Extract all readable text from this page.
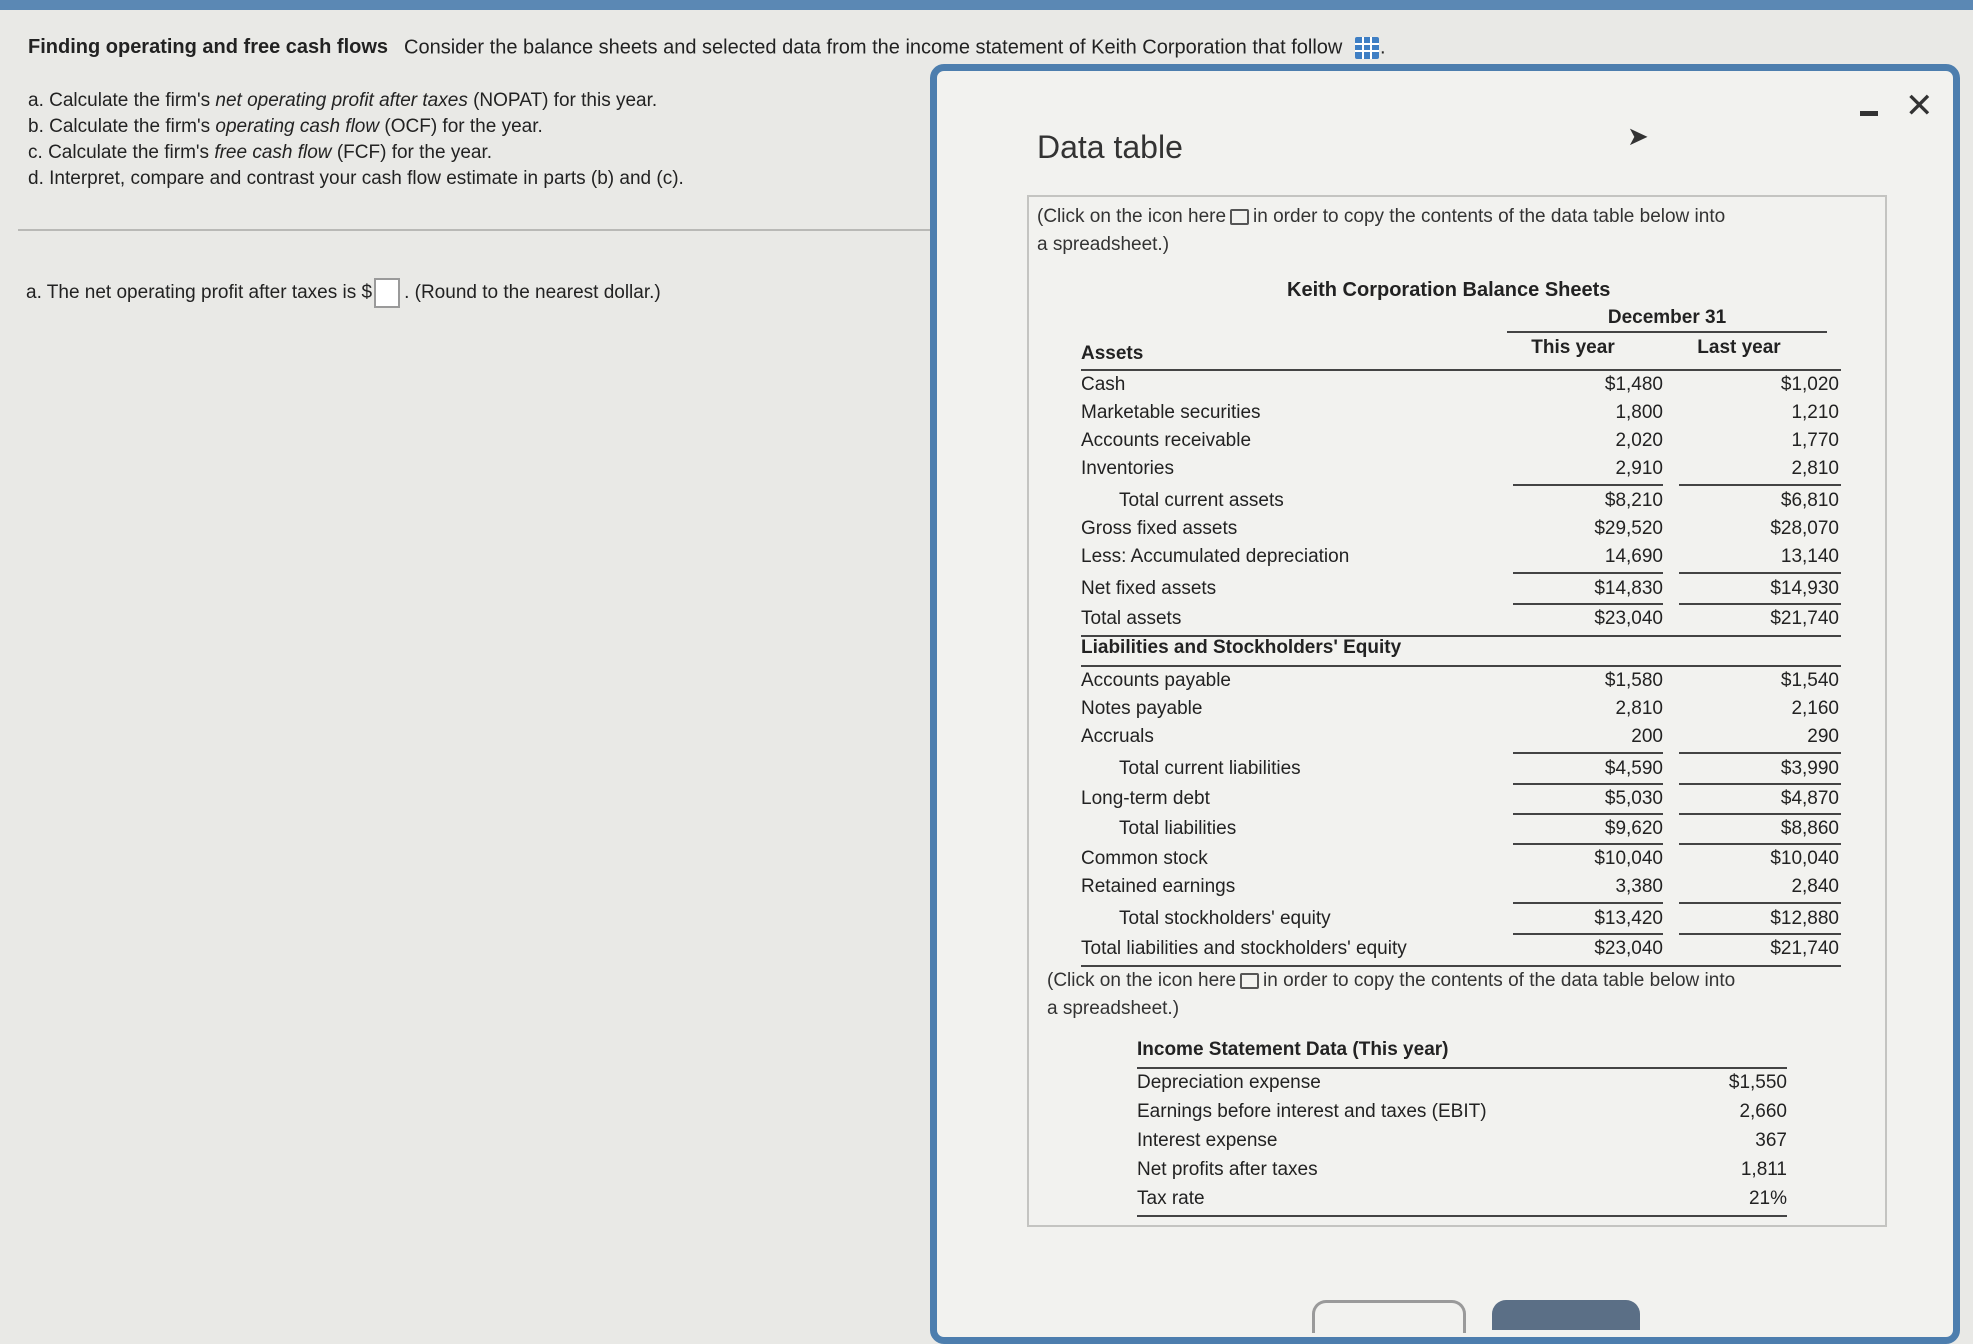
Finding operating and free cash flows Consider the balance sheets and selected data from the income statement of Keith Corporation that follow .
a. Calculate the firm's net operating profit after taxes (NOPAT) for this year.
b. Calculate the firm's operating cash flow (OCF) for the year.
c. Calculate the firm's free cash flow (FCF) for the year.
d. Interpret, compare and contrast your cash flow estimate in parts (b) and (c).
a. The net operating profit after taxes is $ . (Round to the nearest dollar.)
Data table
✕
➤
(Click on the icon here in order to copy the contents of the data table below into
a spreadsheet.)
Keith Corporation Balance Sheets
December 31
This year	Last year
Assets
Cash	$1,480	$1,020
Marketable securities	1,800	1,210
Accounts receivable	2,020	1,770
Inventories	2,910	2,810
Total current assets	$8,210	$6,810
Gross fixed assets	$29,520	$28,070
Less: Accumulated depreciation	14,690	13,140
Net fixed assets	$14,830	$14,930
Total assets	$23,040	$21,740
Liabilities and Stockholders' Equity
Accounts payable	$1,580	$1,540
Notes payable	2,810	2,160
Accruals	200	290
Total current liabilities	$4,590	$3,990
Long-term debt	$5,030	$4,870
Total liabilities	$9,620	$8,860
Common stock	$10,040	$10,040
Retained earnings	3,380	2,840
Total stockholders' equity	$13,420	$12,880
Total liabilities and stockholders' equity	$23,040	$21,740
(Click on the icon here in order to copy the contents of the data table below into
a spreadsheet.)
Income Statement Data (This year)
Depreciation expense	$1,550
Earnings before interest and taxes (EBIT)	2,660
Interest expense	367
Net profits after taxes	1,811
Tax rate	21%
